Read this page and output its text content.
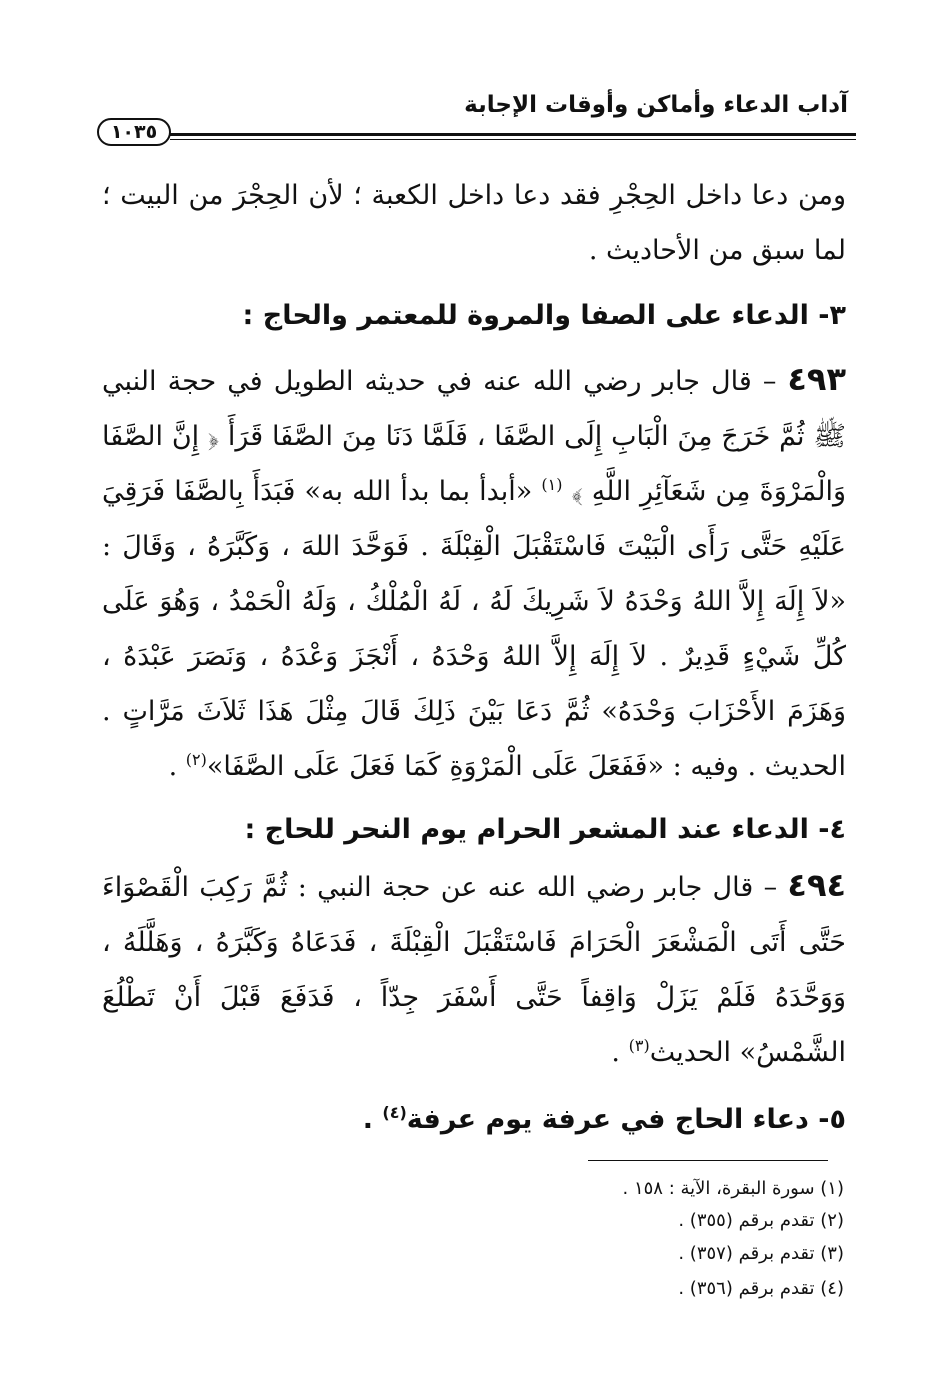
آداب الدعاء وأماكن وأوقات الإجابة
١٠٣٥
ومن دعا داخل الحِجْرِ فقد دعا داخل الكعبة ؛ لأن الحِجْرَ من البيت ؛ لما سبق من الأحاديث .
٣- الدعاء على الصفا والمروة للمعتمر والحاج :
٤٩٣ – قال جابر رضي الله عنه في حديثه الطويل في حجة النبي ﷺ ثُمَّ خَرَجَ مِنَ الْبَابِ إِلَى الصَّفَا ، فَلَمَّا دَنَا مِنَ الصَّفَا قَرَأَ ﴿ إِنَّ الصَّفَا وَالْمَرْوَةَ مِن شَعَآئِرِ اللَّهِ ﴾ $^{(١)}$ «أبدأ بما بدأ الله به» فَبَدَأَ بِالصَّفَا فَرَقِيَ عَلَيْهِ حَتَّى رَأَى الْبَيْتَ فَاسْتَقْبَلَ الْقِبْلَةَ . فَوَحَّدَ اللهَ ، وَكَبَّرَهُ ، وَقَالَ : «لاَ إِلَهَ إِلاَّ اللهُ وَحْدَهُ لاَ شَرِيكَ لَهُ ، لَهُ الْمُلْكُ ، وَلَهُ الْحَمْدُ ، وَهُوَ عَلَى كُلِّ شَيْءٍ قَدِيرٌ . لاَ إِلَهَ إِلاَّ اللهُ وَحْدَهُ ، أَنْجَزَ وَعْدَهُ ، وَنَصَرَ عَبْدَهُ ، وَهَزَمَ الأَحْزَابَ وَحْدَهُ» ثُمَّ دَعَا بَيْنَ ذَلِكَ قَالَ مِثْلَ هَذَا ثَلاَثَ مَرَّاتٍ . الحديث . وفيه : «فَفَعَلَ عَلَى الْمَرْوَةِ كَمَا فَعَلَ عَلَى الصَّفَا»$^{(٢)}$ .
٤- الدعاء عند المشعر الحرام يوم النحر للحاج :
٤٩٤ – قال جابر رضي الله عنه عن حجة النبي : ثُمَّ رَكِبَ الْقَصْوَاءَ حَتَّى أَتَى الْمَشْعَرَ الْحَرَامَ فَاسْتَقْبَلَ الْقِبْلَةَ ، فَدَعَاهُ وَكَبَّرَهُ ، وَهَلَّلَهُ ، وَوَحَّدَهُ فَلَمْ يَزَلْ وَاقِفاً حَتَّى أَسْفَرَ جِدّاً ، فَدَفَعَ قَبْلَ أَنْ تَطْلُعَ الشَّمْسُ» الحديث$^{(٣)}$ .
٥- دعاء الحاج في عرفة يوم عرفة$^{(٤)}$ .
(١) سورة البقرة، الآية : ١٥٨ .
(٢) تقدم برقم (٣٥٥) .
(٣) تقدم برقم (٣٥٧) .
(٤) تقدم برقم (٣٥٦) .
